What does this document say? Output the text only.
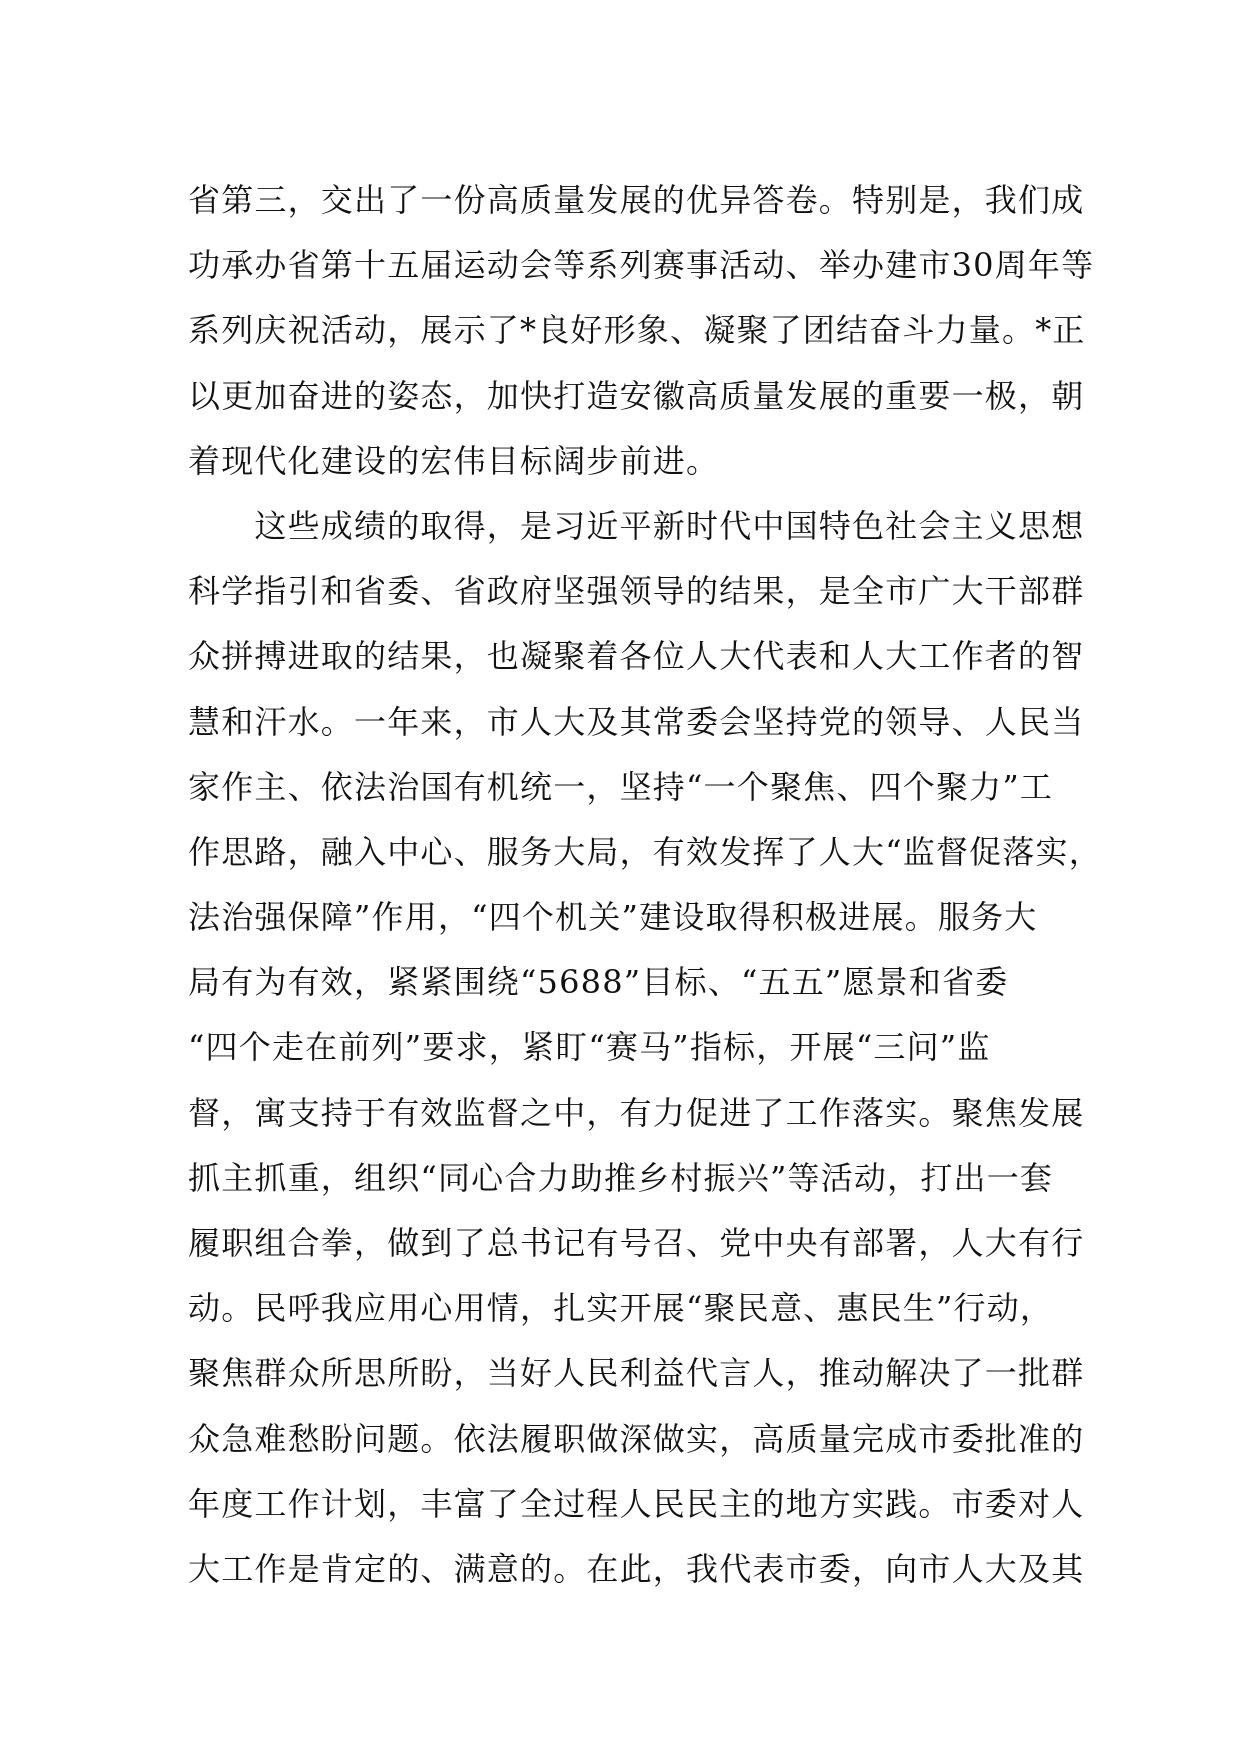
省第三，交出了一份高质量发展的优异答卷。特别是，我们成
功承办省第十五届运动会等系列赛事活动、举办建市30周年等
系列庆祝活动，展示了*良好形象、凝聚了团结奋斗力量。*正
以更加奋进的姿态，加快打造安徽高质量发展的重要一极，朝
着现代化建设的宏伟目标阔步前进。
　　这些成绩的取得，是习近平新时代中国特色社会主义思想
科学指引和省委、省政府坚强领导的结果，是全市广大干部群
众拼搏进取的结果，也凝聚着各位人大代表和人大工作者的智
慧和汗水。一年来，市人大及其常委会坚持党的领导、人民当
家作主、依法治国有机统一，坚持“一个聚焦、四个聚力”工
作思路，融入中心、服务大局，有效发挥了人大“监督促落实，
法治强保障”作用，“四个机关”建设取得积极进展。服务大
局有为有效，紧紧围绕“5688”目标、“五五”愿景和省委
“四个走在前列”要求，紧盯“赛马”指标，开展“三问”监
督，寓支持于有效监督之中，有力促进了工作落实。聚焦发展
抓主抓重，组织“同心合力助推乡村振兴”等活动，打出一套
履职组合拳，做到了总书记有号召、党中央有部署，人大有行
动。民呼我应用心用情，扎实开展“聚民意、惠民生”行动，
聚焦群众所思所盼，当好人民利益代言人，推动解决了一批群
众急难愁盼问题。依法履职做深做实，高质量完成市委批准的
年度工作计划，丰富了全过程人民民主的地方实践。市委对人
大工作是肯定的、满意的。在此，我代表市委，向市人大及其
